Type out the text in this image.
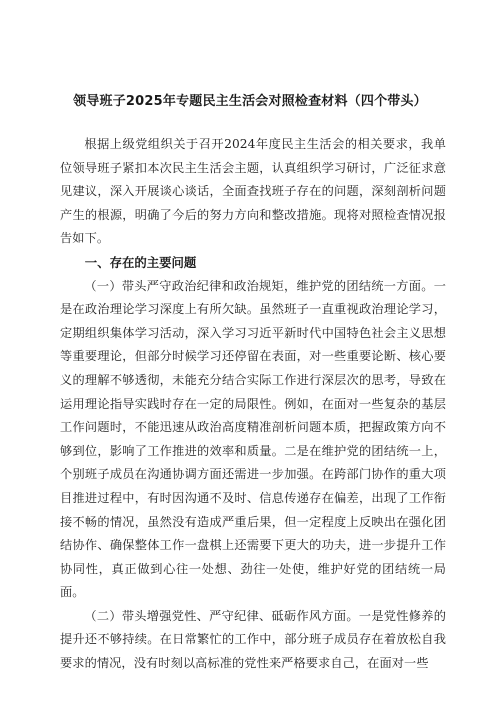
领导班子2025年专题民主生活会对照检查材料（四个带头）

根据上级党组织关于召开2024年度民主生活会的相关要求，我单位领导班子紧扣本次民主生活会主题，认真组织学习研讨，广泛征求意见建议，深入开展谈心谈话，全面查找班子存在的问题，深刻剖析问题产生的根源，明确了今后的努力方向和整改措施。现将对照检查情况报告如下。

一、存在的主要问题

（一）带头严守政治纪律和政治规矩，维护党的团结统一方面。一是在政治理论学习深度上有所欠缺。虽然班子一直重视政治理论学习，定期组织集体学习活动，深入学习习近平新时代中国特色社会主义思想等重要理论，但部分时候学习还停留在表面，对一些重要论断、核心要义的理解不够透彻，未能充分结合实际工作进行深层次的思考，导致在运用理论指导实践时存在一定的局限性。例如，在面对一些复杂的基层工作问题时，不能迅速从政治高度精准剖析问题本质，把握政策方向不够到位，影响了工作推进的效率和质量。二是在维护党的团结统一上，个别班子成员在沟通协调方面还需进一步加强。在跨部门协作的重大项目推进过程中，有时因沟通不及时、信息传递存在偏差，出现了工作衔接不畅的情况，虽然没有造成严重后果，但一定程度上反映出在强化团结协作、确保整体工作一盘棋上还需要下更大的功夫，进一步提升工作协同性，真正做到心往一处想、劲往一处使，维护好党的团结统一局面。

（二）带头增强党性、严守纪律、砥砺作风方面。一是党性修养的提升还不够持续。在日常繁忙的工作中，部分班子成员存在着放松自我要求的情况，没有时刻以高标准的党性来严格要求自己，在面对一些
